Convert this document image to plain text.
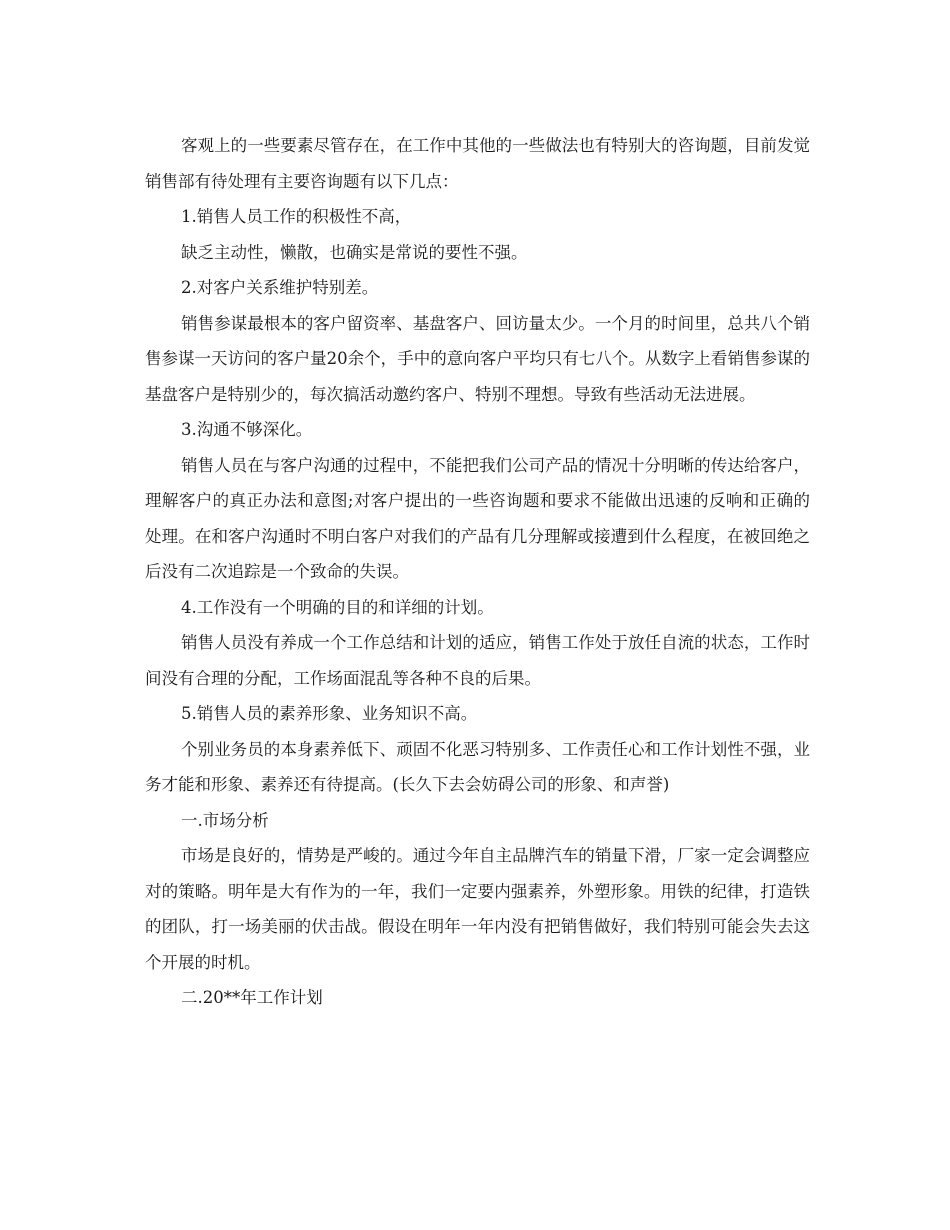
客观上的一些要素尽管存在，在工作中其他的一些做法也有特别大的咨询题，目前发觉销售部有待处理有主要咨询题有以下几点：

1.销售人员工作的积极性不高，

缺乏主动性，懒散，也确实是常说的要性不强。

2.对客户关系维护特别差。

销售参谋最根本的客户留资率、基盘客户、回访量太少。一个月的时间里，总共八个销售参谋一天访问的客户量20余个，手中的意向客户平均只有七八个。从数字上看销售参谋的基盘客户是特别少的，每次搞活动邀约客户、特别不理想。导致有些活动无法进展。

3.沟通不够深化。

销售人员在与客户沟通的过程中，不能把我们公司产品的情况十分明晰的传达给客户，理解客户的真正办法和意图;对客户提出的一些咨询题和要求不能做出迅速的反响和正确的处理。在和客户沟通时不明白客户对我们的产品有几分理解或接遭到什么程度，在被回绝之后没有二次追踪是一个致命的失误。

4.工作没有一个明确的目的和详细的计划。

销售人员没有养成一个工作总结和计划的适应，销售工作处于放任自流的状态，工作时间没有合理的分配，工作场面混乱等各种不良的后果。

5.销售人员的素养形象、业务知识不高。

个别业务员的本身素养低下、顽固不化恶习特别多、工作责任心和工作计划性不强，业务才能和形象、素养还有待提高。(长久下去会妨碍公司的形象、和声誉)

一.市场分析

市场是良好的，情势是严峻的。通过今年自主品牌汽车的销量下滑，厂家一定会调整应对的策略。明年是大有作为的一年，我们一定要内强素养，外塑形象。用铁的纪律，打造铁的团队，打一场美丽的伏击战。假设在明年一年内没有把销售做好，我们特别可能会失去这个开展的时机。

二.20**年工作计划
